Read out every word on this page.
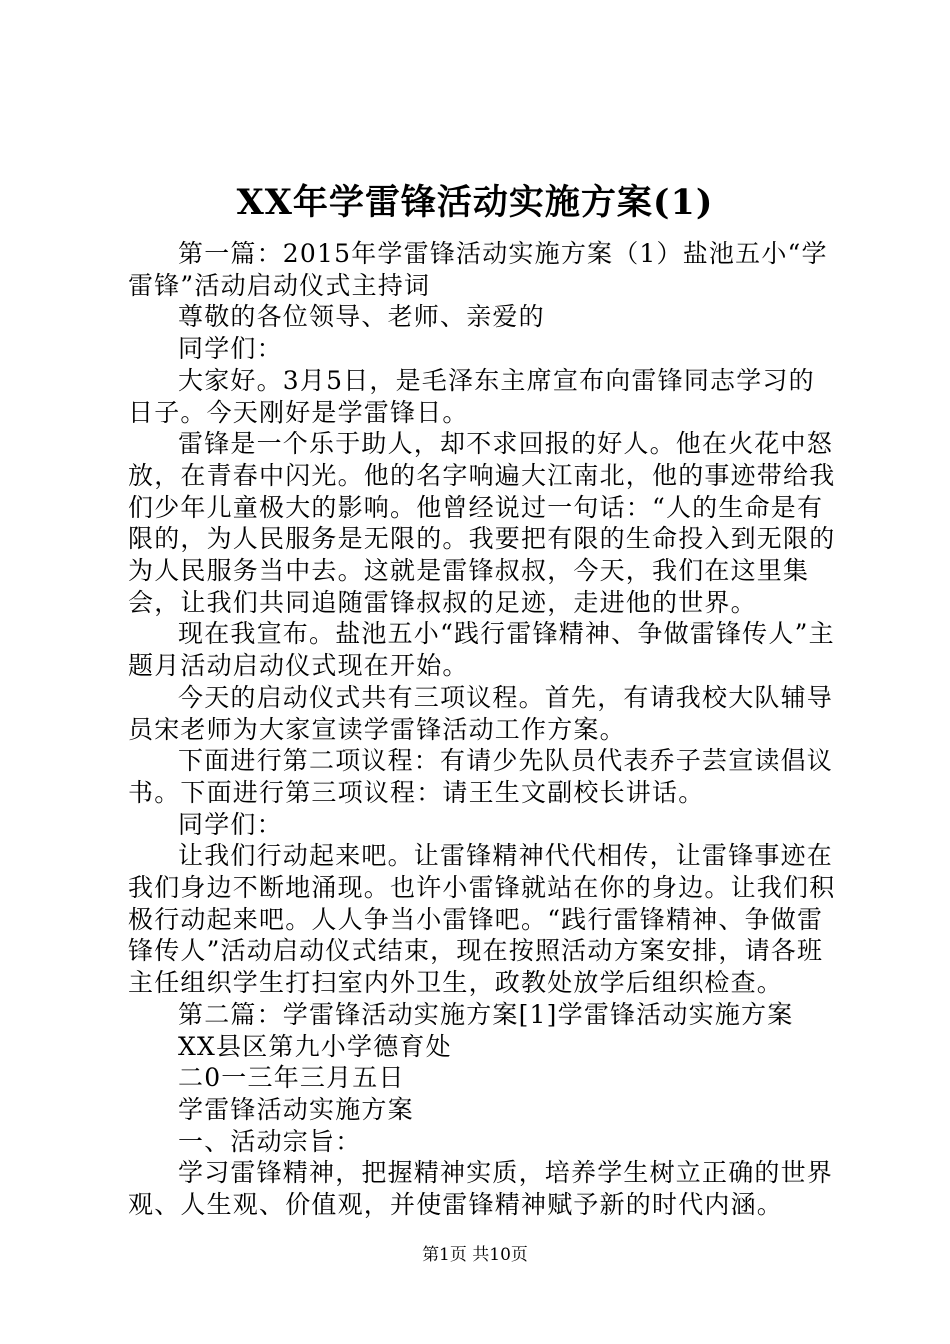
XX年学雷锋活动实施方案(1)

第一篇：2015年学雷锋活动实施方案（1）盐池五小“学雷锋”活动启动仪式主持词

尊敬的各位领导、老师、亲爱的

同学们：

大家好。3月5日，是毛泽东主席宣布向雷锋同志学习的日子。今天刚好是学雷锋日。

雷锋是一个乐于助人，却不求回报的好人。他在火花中怒放，在青春中闪光。他的名字响遍大江南北，他的事迹带给我们少年儿童极大的影响。他曾经说过一句话：“人的生命是有限的，为人民服务是无限的。我要把有限的生命投入到无限的为人民服务当中去。这就是雷锋叔叔，今天，我们在这里集会，让我们共同追随雷锋叔叔的足迹，走进他的世界。

现在我宣布。盐池五小“践行雷锋精神、争做雷锋传人”主题月活动启动仪式现在开始。

今天的启动仪式共有三项议程。首先，有请我校大队辅导员宋老师为大家宣读学雷锋活动工作方案。

下面进行第二项议程：有请少先队员代表乔子芸宣读倡议书。下面进行第三项议程：请王生文副校长讲话。

同学们：

让我们行动起来吧。让雷锋精神代代相传，让雷锋事迹在我们身边不断地涌现。也许小雷锋就站在你的身边。让我们积极行动起来吧。人人争当小雷锋吧。“践行雷锋精神、争做雷锋传人”活动启动仪式结束，现在按照活动方案安排，请各班主任组织学生打扫室内外卫生，政教处放学后组织检查。

第二篇：学雷锋活动实施方案[1]学雷锋活动实施方案

XX县区第九小学德育处

二0一三年三月五日

学雷锋活动实施方案

一、活动宗旨：

学习雷锋精神，把握精神实质，培养学生树立正确的世界观、人生观、价值观，并使雷锋精神赋予新的时代内涵。

第1页 共10页
